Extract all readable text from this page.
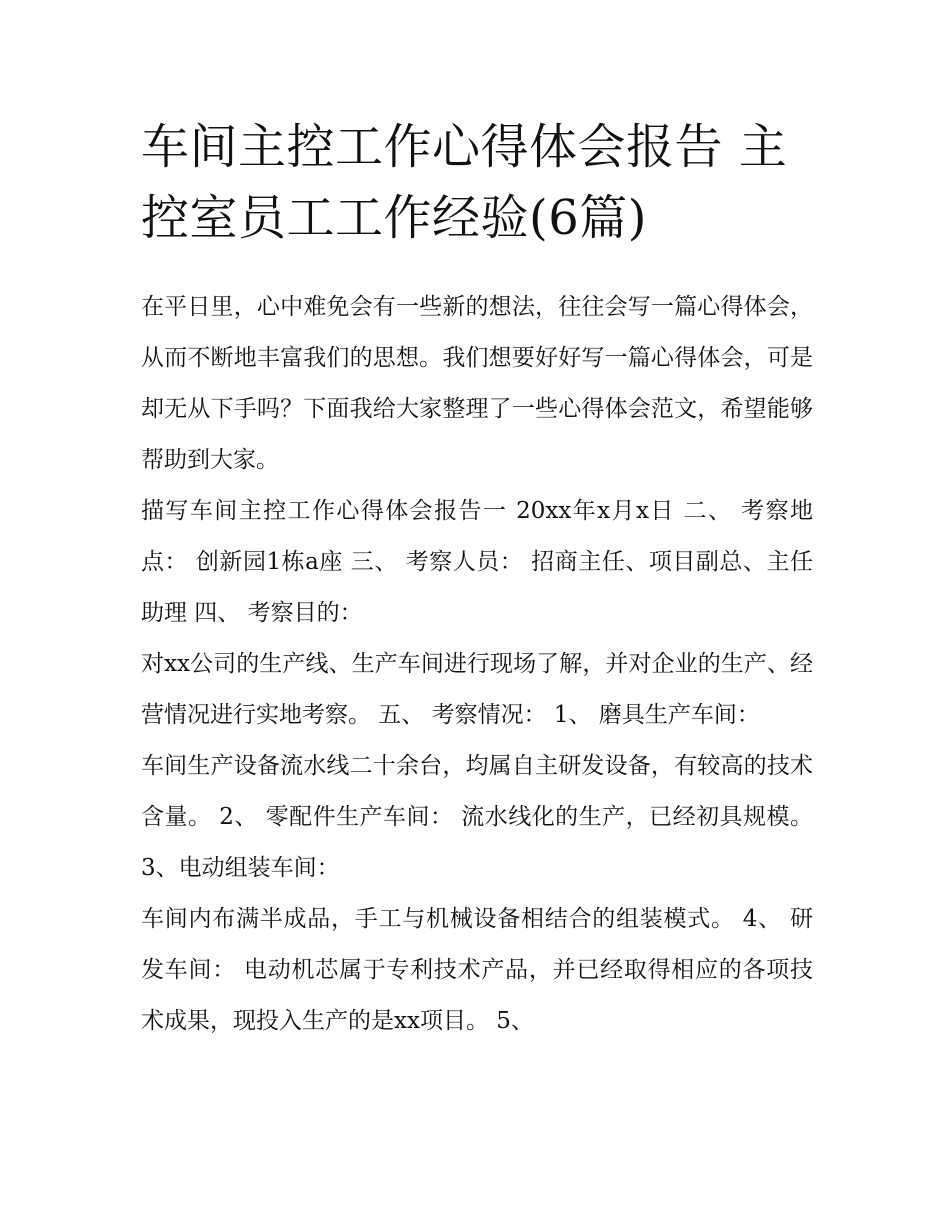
车间主控工作心得体会报告 主控室员工工作经验(6篇)

在平日里，心中难免会有一些新的想法，往往会写一篇心得体会，从而不断地丰富我们的思想。我们想要好好写一篇心得体会，可是却无从下手吗？下面我给大家整理了一些心得体会范文，希望能够帮助到大家。

描写车间主控工作心得体会报告一 20xx年x月x日 二、 考察地点： 创新园1栋a座 三、 考察人员： 招商主任、项目副总、主任助理 四、 考察目的：

对xx公司的生产线、生产车间进行现场了解，并对企业的生产、经营情况进行实地考察。 五、 考察情况： 1、 磨具生产车间：

车间生产设备流水线二十余台，均属自主研发设备，有较高的技术含量。 2、 零配件生产车间： 流水线化的生产，已经初具规模。 3、电动组装车间：

车间内布满半成品，手工与机械设备相结合的组装模式。 4、 研发车间： 电动机芯属于专利技术产品，并已经取得相应的各项技术成果，现投入生产的是xx项目。 5、
